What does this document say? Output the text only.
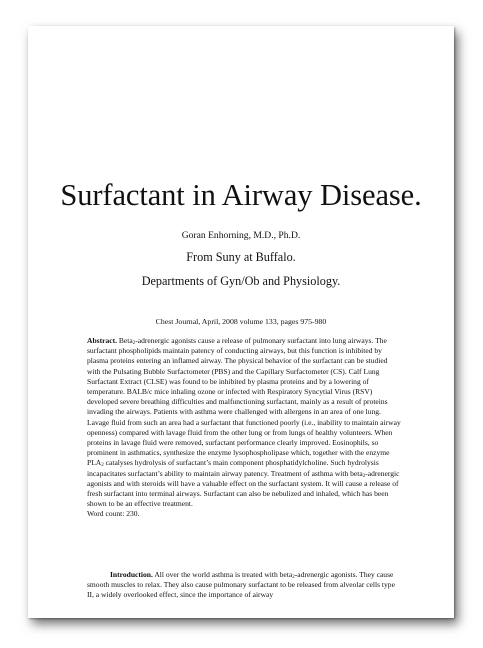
Surfactant in Airway Disease.
Goran Enhorning, M.D., Ph.D.
From Suny at Buffalo.
Departments of Gyn/Ob and Physiology.
Chest Journal, April, 2008 volume 133, pages 975-980
Abstract. Beta$_2$-adrenergic agonists cause a release of pulmonary surfactant into lung airways. The surfactant phospholipids maintain patency of conducting airways, but this function is inhibited by plasma proteins entering an inflamed airway. The physical behavior of the surfactant can be studied with the Pulsating Bubble Surfactometer (PBS) and the Capillary Surfactometer (CS). Calf Lung Surfactant Extract (CLSE) was found to be inhibited by plasma proteins and by a lowering of temperature. BALB/c mice inhaling ozone or infected with Respiratory Syncytial Virus (RSV) developed severe breathing difficulties and malfunctioning surfactant, mainly as a result of proteins invading the airways. Patients with asthma were challenged with allergens in an area of one lung. Lavage fluid from such an area had a surfactant that functioned poorly (i.e., inability to maintain airway openness) compared with lavage fluid from the other lung or from lungs of healthy volunteers. When proteins in lavage fluid were removed, surfactant performance clearly improved. Eosinophils, so prominent in asthmatics, synthesize the enzyme lysophospholipase which, together with the enzyme $PLA_2$ catalyses hydrolysis of surfactant’s main component phosphatidylcholine. Such hydrolysis incapacitates surfactant’s ability to maintain airway patency. Treatment of asthma with beta$_2$-adrenergic agonists and with steroids will have a valuable effect on the surfactant system. It will cause a release of fresh surfactant into terminal airways. Surfactant can also be nebulized and inhaled, which has been shown to be an effective treatment.
Word count: 230.
Introduction. All over the world asthma is treated with beta$_2$-adrenergic agonists. They cause smooth muscles to relax. They also cause pulmonary surfactant to be released from alveolar cells type II, a widely overlooked effect, since the importance of airway
